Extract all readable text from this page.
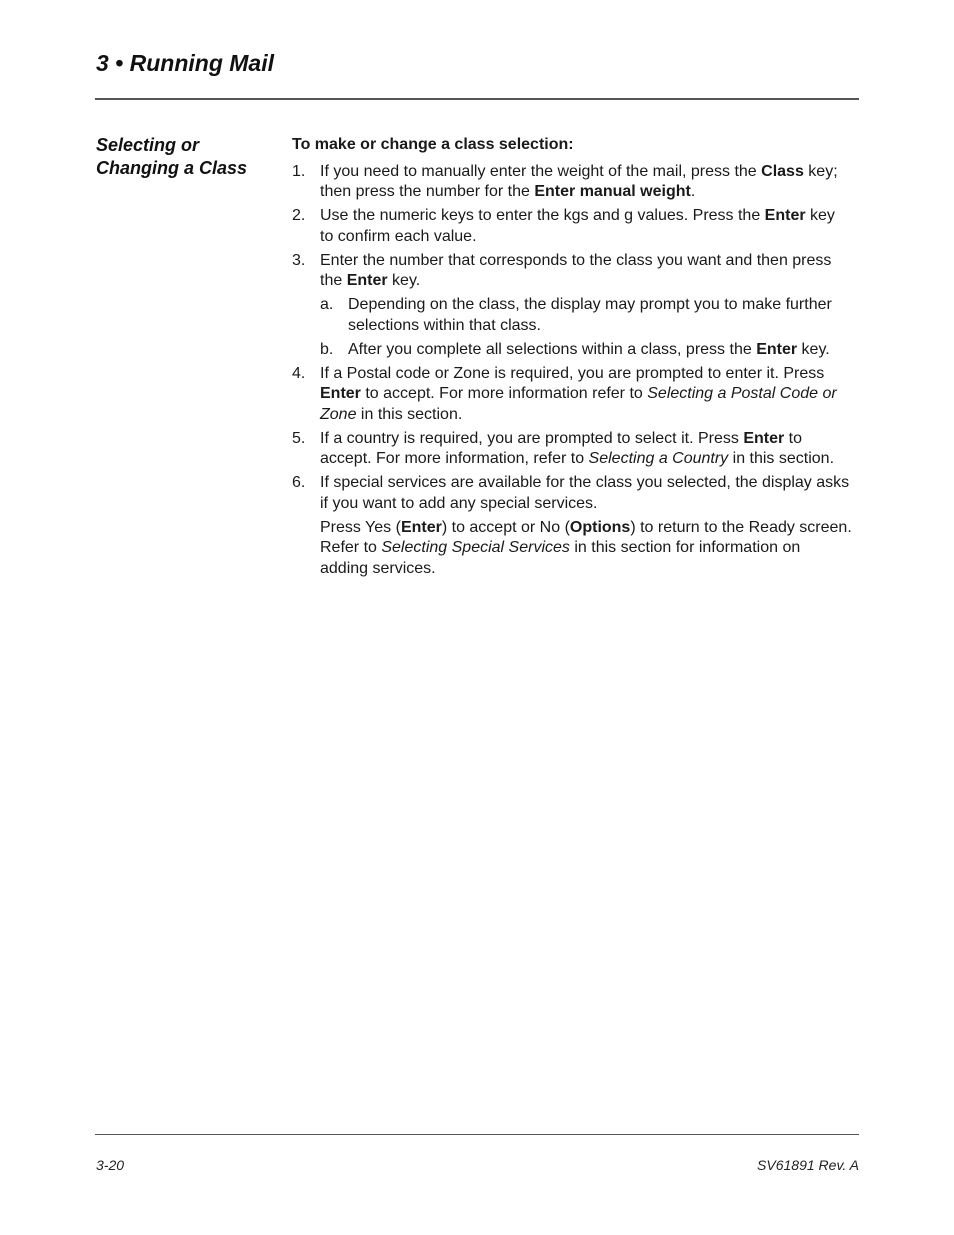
3 • Running Mail
Selecting or Changing a Class

To make or change a class selection:

1. If you need to manually enter the weight of the mail, press the Class key; then press the number for the Enter manual weight.
2. Use the numeric keys to enter the kgs and g values. Press the Enter key to confirm each value.
3. Enter the number that corresponds to the class you want and then press the Enter key.
a. Depending on the class, the display may prompt you to make further selections within that class.
b. After you complete all selections within a class, press the Enter key.
4. If a Postal code or Zone is required, you are prompted to enter it. Press Enter to accept. For more information refer to Selecting a Postal Code or Zone in this section.
5. If a country is required, you are prompted to select it. Press Enter to accept. For more information, refer to Selecting a Country in this section.
6. If special services are available for the class you selected, the display asks if you want to add any special services.

Press Yes (Enter) to accept or No (Options) to return to the Ready screen. Refer to Selecting Special Services in this section for information on adding services.

3-20	SV61891 Rev. A
